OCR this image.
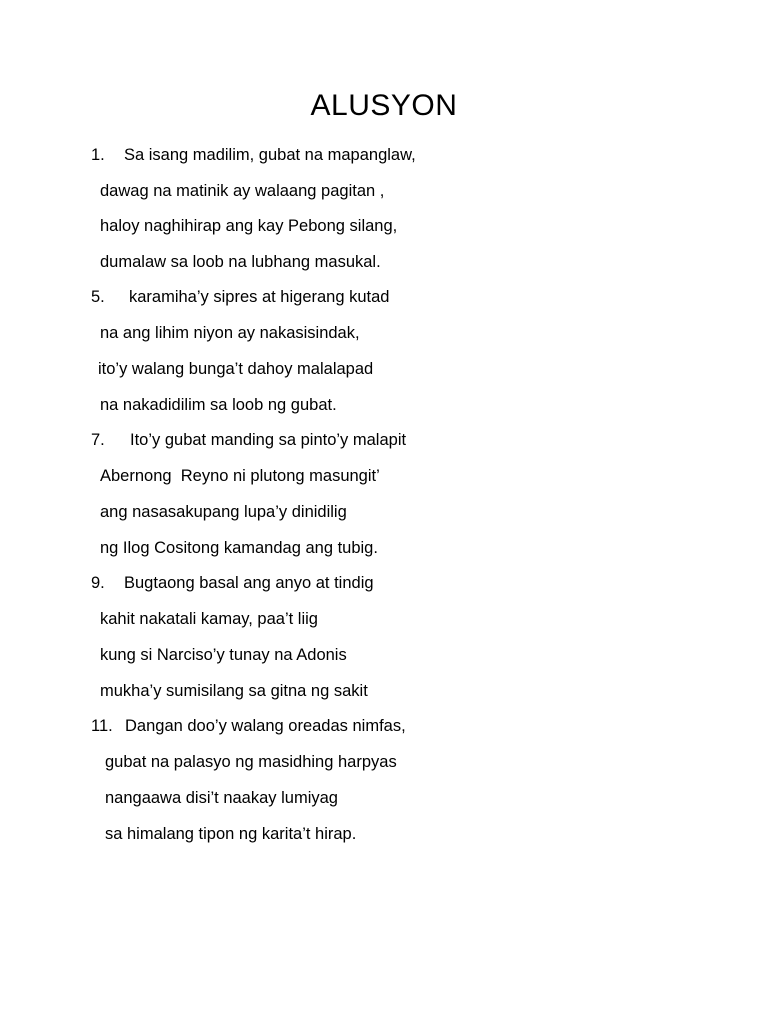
ALUSYON
1. Sa isang madilim, gubat na mapanglaw,
dawag na matinik ay walaang pagitan ,
haloy naghihirap ang kay Pebong silang,
dumalaw sa loob na lubhang masukal.
5. karamiha’y sipres at higerang kutad
na ang lihim niyon ay nakasisindak,
ito’y walang bunga’t dahoy malalapad
na nakadidilim sa loob ng gubat.
7. Ito’y gubat manding sa pinto’y malapit
Abernong  Reyno ni plutong masungit’
ang nasasakupang lupa’y dinidilig
ng Ilog Cositong kamandag ang tubig.
9. Bugtaong basal ang anyo at tindig
kahit nakatali kamay, paa’t liig
kung si Narciso’y tunay na Adonis
mukha’y sumisilang sa gitna ng sakit
11. Dangan doo’y walang oreadas nimfas,
gubat na palasyo ng masidhing harpyas
nangaawa disi’t naakay lumiyag
sa himalang tipon ng karita’t hirap.
